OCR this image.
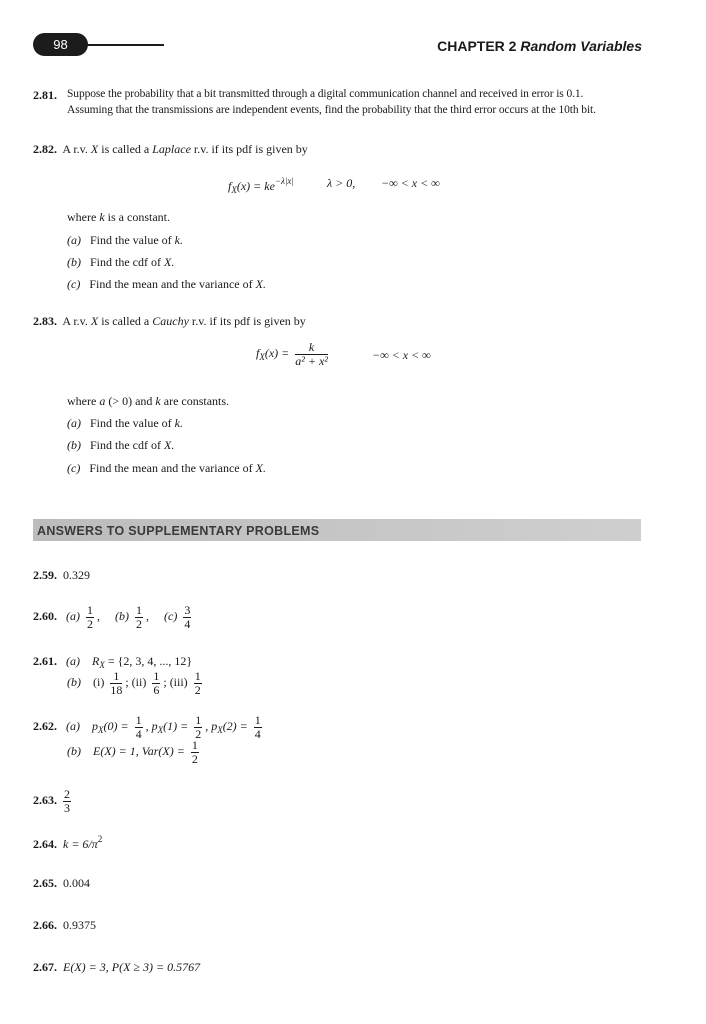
98	CHAPTER 2 Random Variables
2.81. Suppose the probability that a bit transmitted through a digital communication channel and received in error is 0.1.
Assuming that the transmissions are independent events, find the probability that the third error occurs at the 10th bit.
2.82. A r.v. X is called a Laplace r.v. if its pdf is given by
$f_X(x) = ke^{-\lambda|x|}$	λ > 0, −∞ < x < ∞
where k is a constant.
(a) Find the value of k.
(b) Find the cdf of X.
(c) Find the mean and the variance of X.
2.83. A r.v. X is called a Cauchy r.v. if its pdf is given by
$f_X(x) = \frac{k}{\text{a² + x²}}$	−∞ < x < ∞
where a (> 0) and k are constants.
(a) Find the value of k.
(b) Find the cdf of X.
(c) Find the mean and the variance of X.
ANSWERS TO SUPPLEMENTARY PROBLEMS
2.59. 0.329
2.60. $(a) \frac{1}{2}$ , $(b) \frac{1}{2}$ , $(c) \frac{3}{4}$
2.61. (a) $R_X = \{2$, 3, 4, ..., 12}
(b) $(i) \frac{1}{18}$ ; $(ii) \frac{1}{6}$ ; $(iii) \frac{1}{2}$
2.62. (a) $p_X(0) = \frac{1}{4}$ , $p_X(1) = \frac{1}{2}$ , $p_X(2) = \frac{1}{4}$
(b) E(X) = 1, $Var(X) = \frac{1}{2}$
2.63. $\frac{2}{3}$
2.64. $k = 6/\pi^2$
2.65. 0.004
2.66. 0.9375
2.67. E(X) = 3, P(X ≥ 3) = 0.5767
